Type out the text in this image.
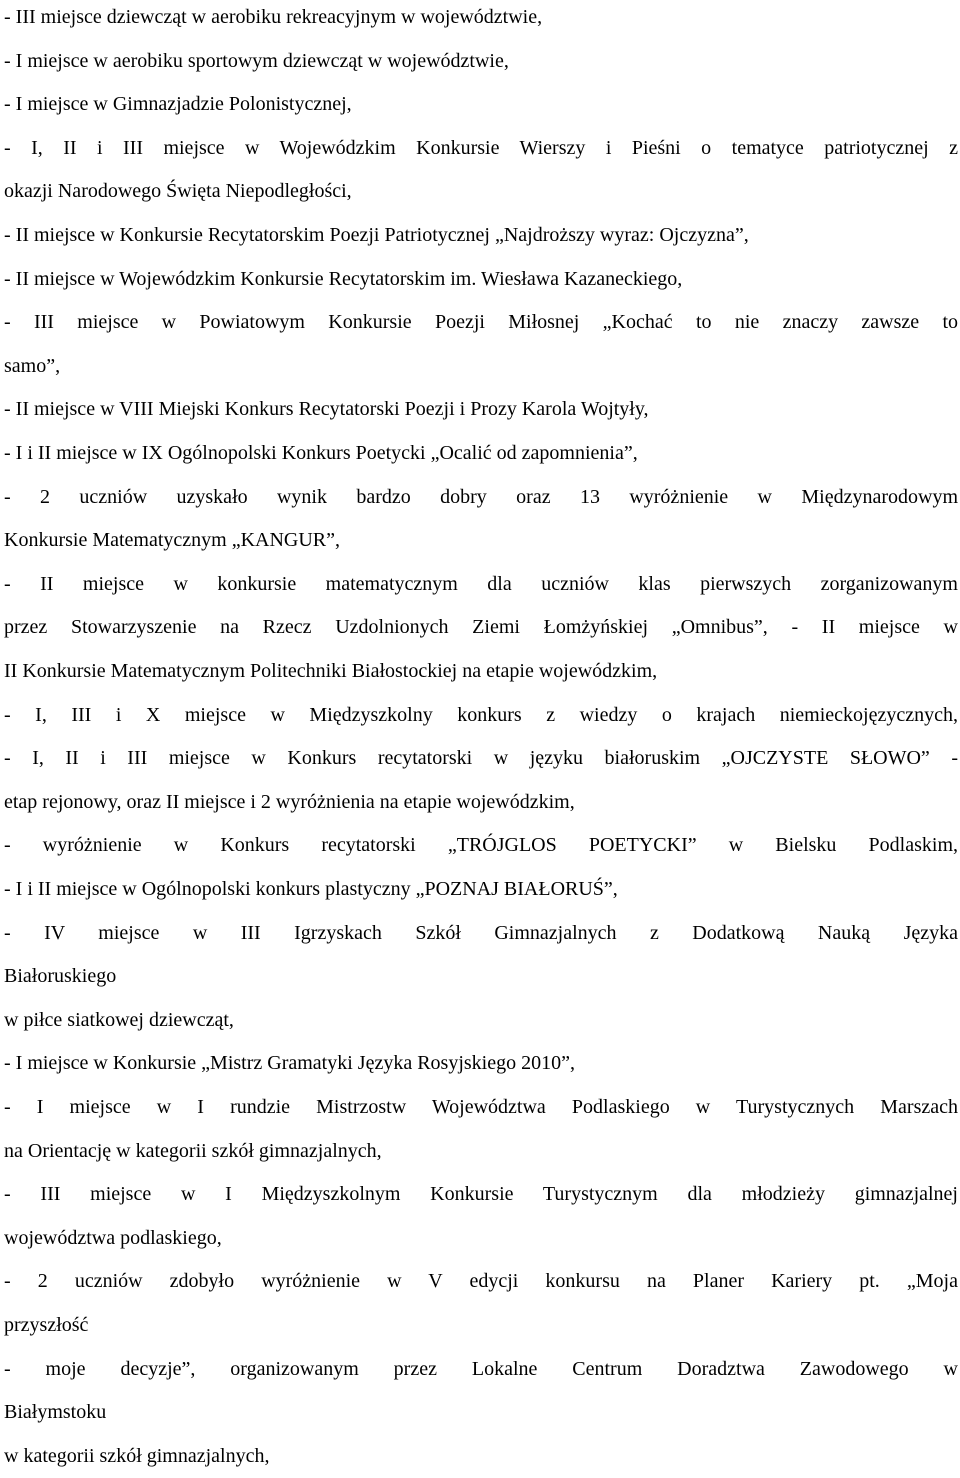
- III miejsce dziewcząt w aerobiku rekreacyjnym w województwie,
- I miejsce w aerobiku sportowym dziewcząt w województwie,
- I miejsce w Gimnazjadzie Polonistycznej,
- I, II i III miejsce w Wojewódzkim Konkursie Wierszy i Pieśni o tematyce patriotycznej z
okazji Narodowego Święta Niepodległości,
- II miejsce w Konkursie Recytatorskim Poezji Patriotycznej „Najdroższy wyraz: Ojczyzna”,
- II miejsce w Wojewódzkim Konkursie Recytatorskim im. Wiesława Kazaneckiego,
- III miejsce w Powiatowym Konkursie Poezji Miłosnej „Kochać to nie znaczy zawsze to
samo”,
- II miejsce w VIII Miejski Konkurs Recytatorski Poezji i Prozy Karola Wojtyły,
- I i II miejsce w IX Ogólnopolski Konkurs Poetycki „Ocalić od zapomnienia”,
- 2 uczniów uzyskało wynik bardzo dobry oraz 13 wyróżnienie w Międzynarodowym
Konkursie Matematycznym „KANGUR”,
- II miejsce w konkursie matematycznym dla uczniów klas pierwszych zorganizowanym
przez Stowarzyszenie na Rzecz Uzdolnionych Ziemi Łomżyńskiej „Omnibus”, - II miejsce w
II Konkursie Matematycznym Politechniki Białostockiej na etapie wojewódzkim,
- I, III i X miejsce w Międzyszkolny konkurs z wiedzy o krajach niemieckojęzycznych,
- I, II i III miejsce w Konkurs recytatorski w języku białoruskim „OJCZYSTE SŁOWO” -
etap rejonowy, oraz II miejsce i 2 wyróżnienia na etapie wojewódzkim,
- wyróżnienie w Konkurs recytatorski „TRÓJGLOS POETYCKI” w Bielsku Podlaskim,
- I i II miejsce w Ogólnopolski konkurs plastyczny „POZNAJ BIAŁORUŚ”,
- IV miejsce w III Igrzyskach Szkół Gimnazjalnych z Dodatkową Nauką Języka
Białoruskiego
w piłce siatkowej dziewcząt,
- I miejsce w Konkursie „Mistrz Gramatyki Języka Rosyjskiego 2010”,
- I miejsce w I rundzie Mistrzostw Województwa Podlaskiego w Turystycznych Marszach
na Orientację w kategorii szkół gimnazjalnych,
- III miejsce w I Międzyszkolnym Konkursie Turystycznym dla młodzieży gimnazjalnej
województwa podlaskiego,
- 2 uczniów zdobyło wyróżnienie w V edycji konkursu na Planer Kariery pt. „Moja
przyszłość
- moje decyzje”, organizowanym przez Lokalne Centrum Doradztwa Zawodowego w
Białymstoku
w kategorii szkół gimnazjalnych,
